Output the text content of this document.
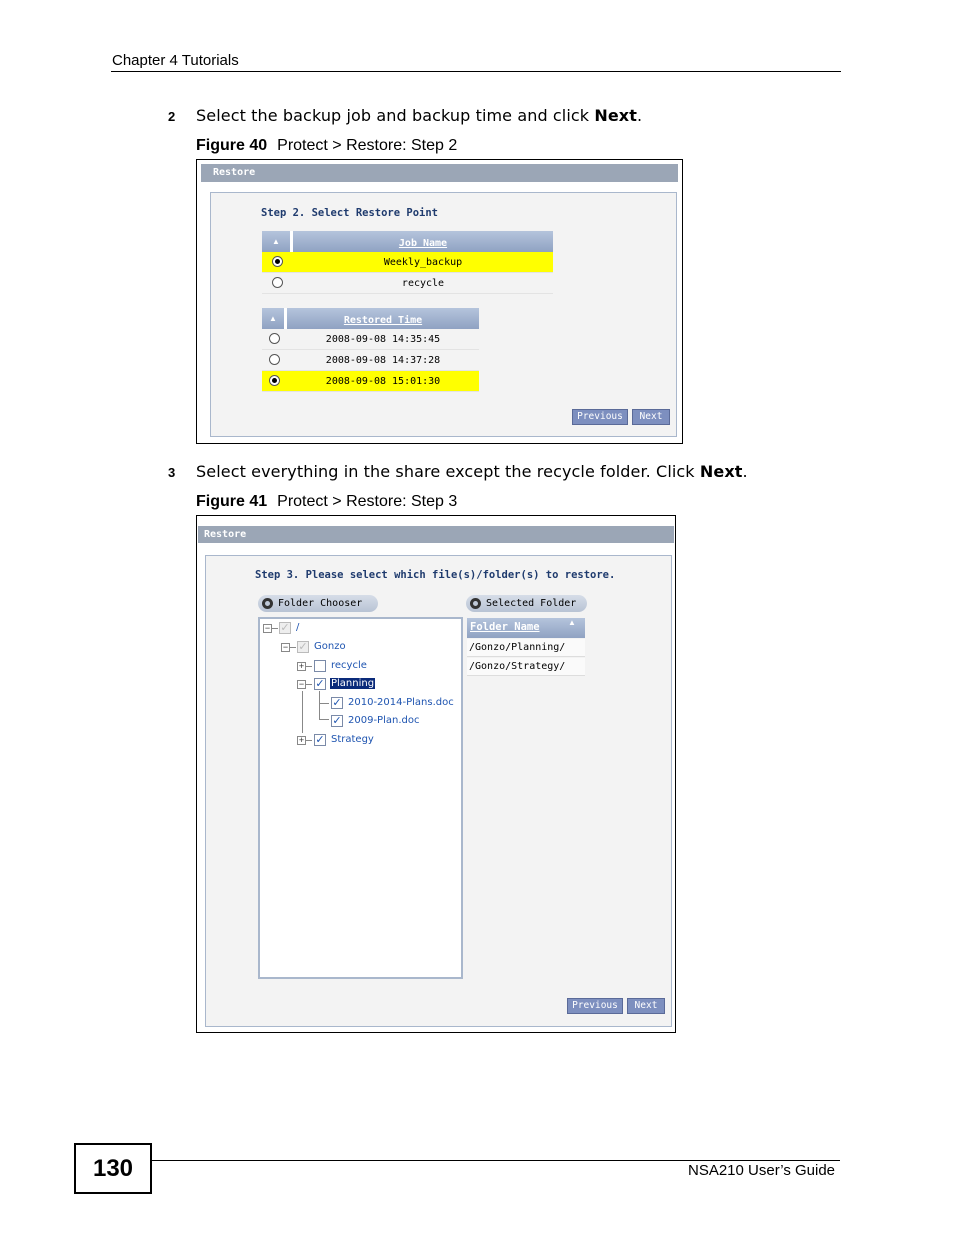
Chapter 4 Tutorials
2 Select the backup job and backup time and click Next.
Figure 40 Protect > Restore: Step 2
Restore
Step 2. Select Restore Point
▲	Job Name
	Weekly_backup
	recycle
▲	Restored Time
	2008-09-08 14:35:45
	2008-09-08 14:37:28
	2008-09-08 15:01:30
Previous	Next
3 Select everything in the share except the recycle folder. Click Next.
Figure 41 Protect > Restore: Step 3
Restore
Step 3. Please select which file(s)/folder(s) to restore.
Folder Chooser	Selected Folder
− ✓ /
− ✓ Gonzo
+	recycle
− ✓ Planning
✓ 2010-2014-Plans.doc
✓ 2009-Plan.doc
+ ✓ Strategy
Folder Name	▲
/Gonzo/Planning/
/Gonzo/Strategy/
Previous	Next
130	NSA210 User’s Guide
